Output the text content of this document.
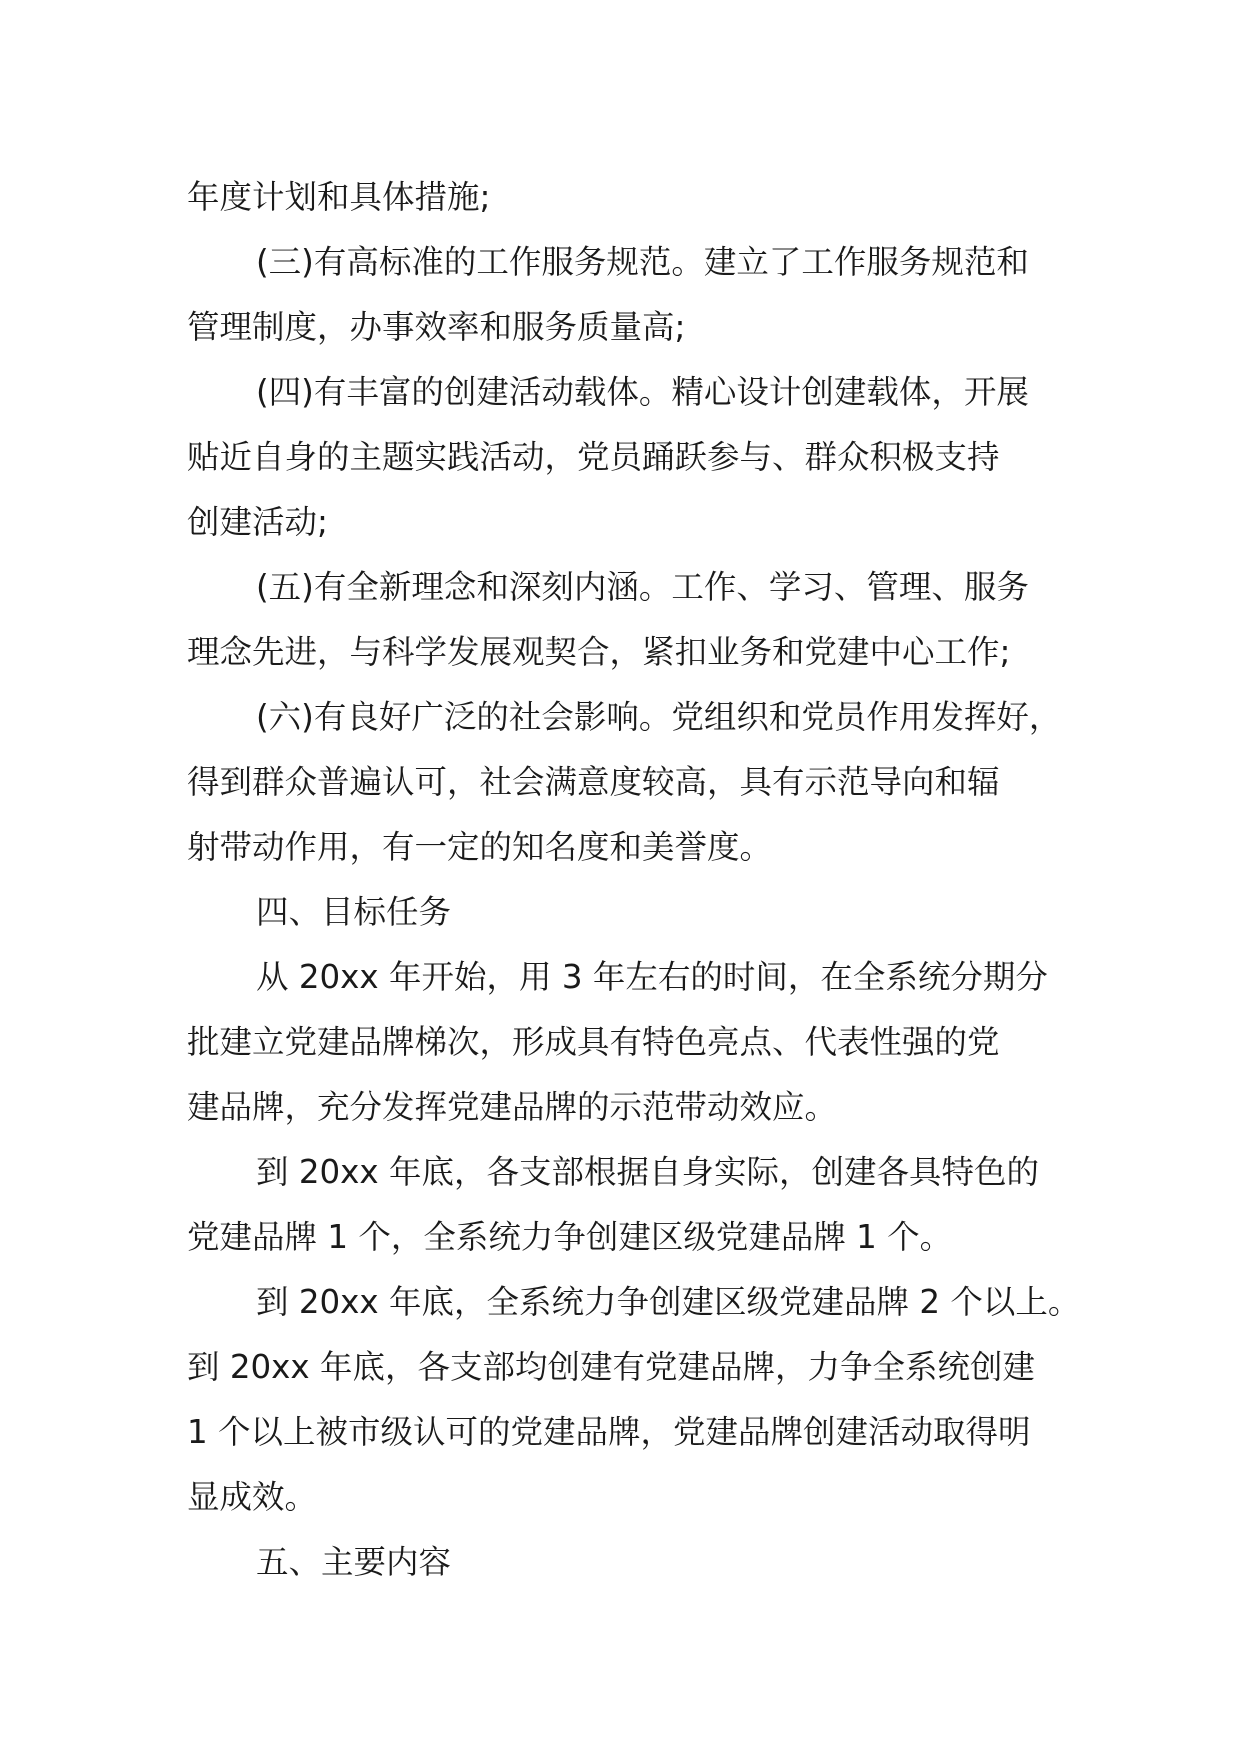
年度计划和具体措施;
(三)有高标准的工作服务规范。建立了工作服务规范和
管理制度，办事效率和服务质量高;
(四)有丰富的创建活动载体。精心设计创建载体，开展
贴近自身的主题实践活动，党员踊跃参与、群众积极支持
创建活动;
(五)有全新理念和深刻内涵。工作、学习、管理、服务
理念先进，与科学发展观契合，紧扣业务和党建中心工作;
(六)有良好广泛的社会影响。党组织和党员作用发挥好，
得到群众普遍认可，社会满意度较高，具有示范导向和辐
射带动作用，有一定的知名度和美誉度。
四、目标任务
从 20xx 年开始，用 3 年左右的时间，在全系统分期分
批建立党建品牌梯次，形成具有特色亮点、代表性强的党
建品牌，充分发挥党建品牌的示范带动效应。
到 20xx 年底，各支部根据自身实际，创建各具特色的
党建品牌 1 个，全系统力争创建区级党建品牌 1 个。
到 20xx 年底，全系统力争创建区级党建品牌 2 个以上。
到 20xx 年底，各支部均创建有党建品牌，力争全系统创建
1 个以上被市级认可的党建品牌，党建品牌创建活动取得明
显成效。
五、主要内容
